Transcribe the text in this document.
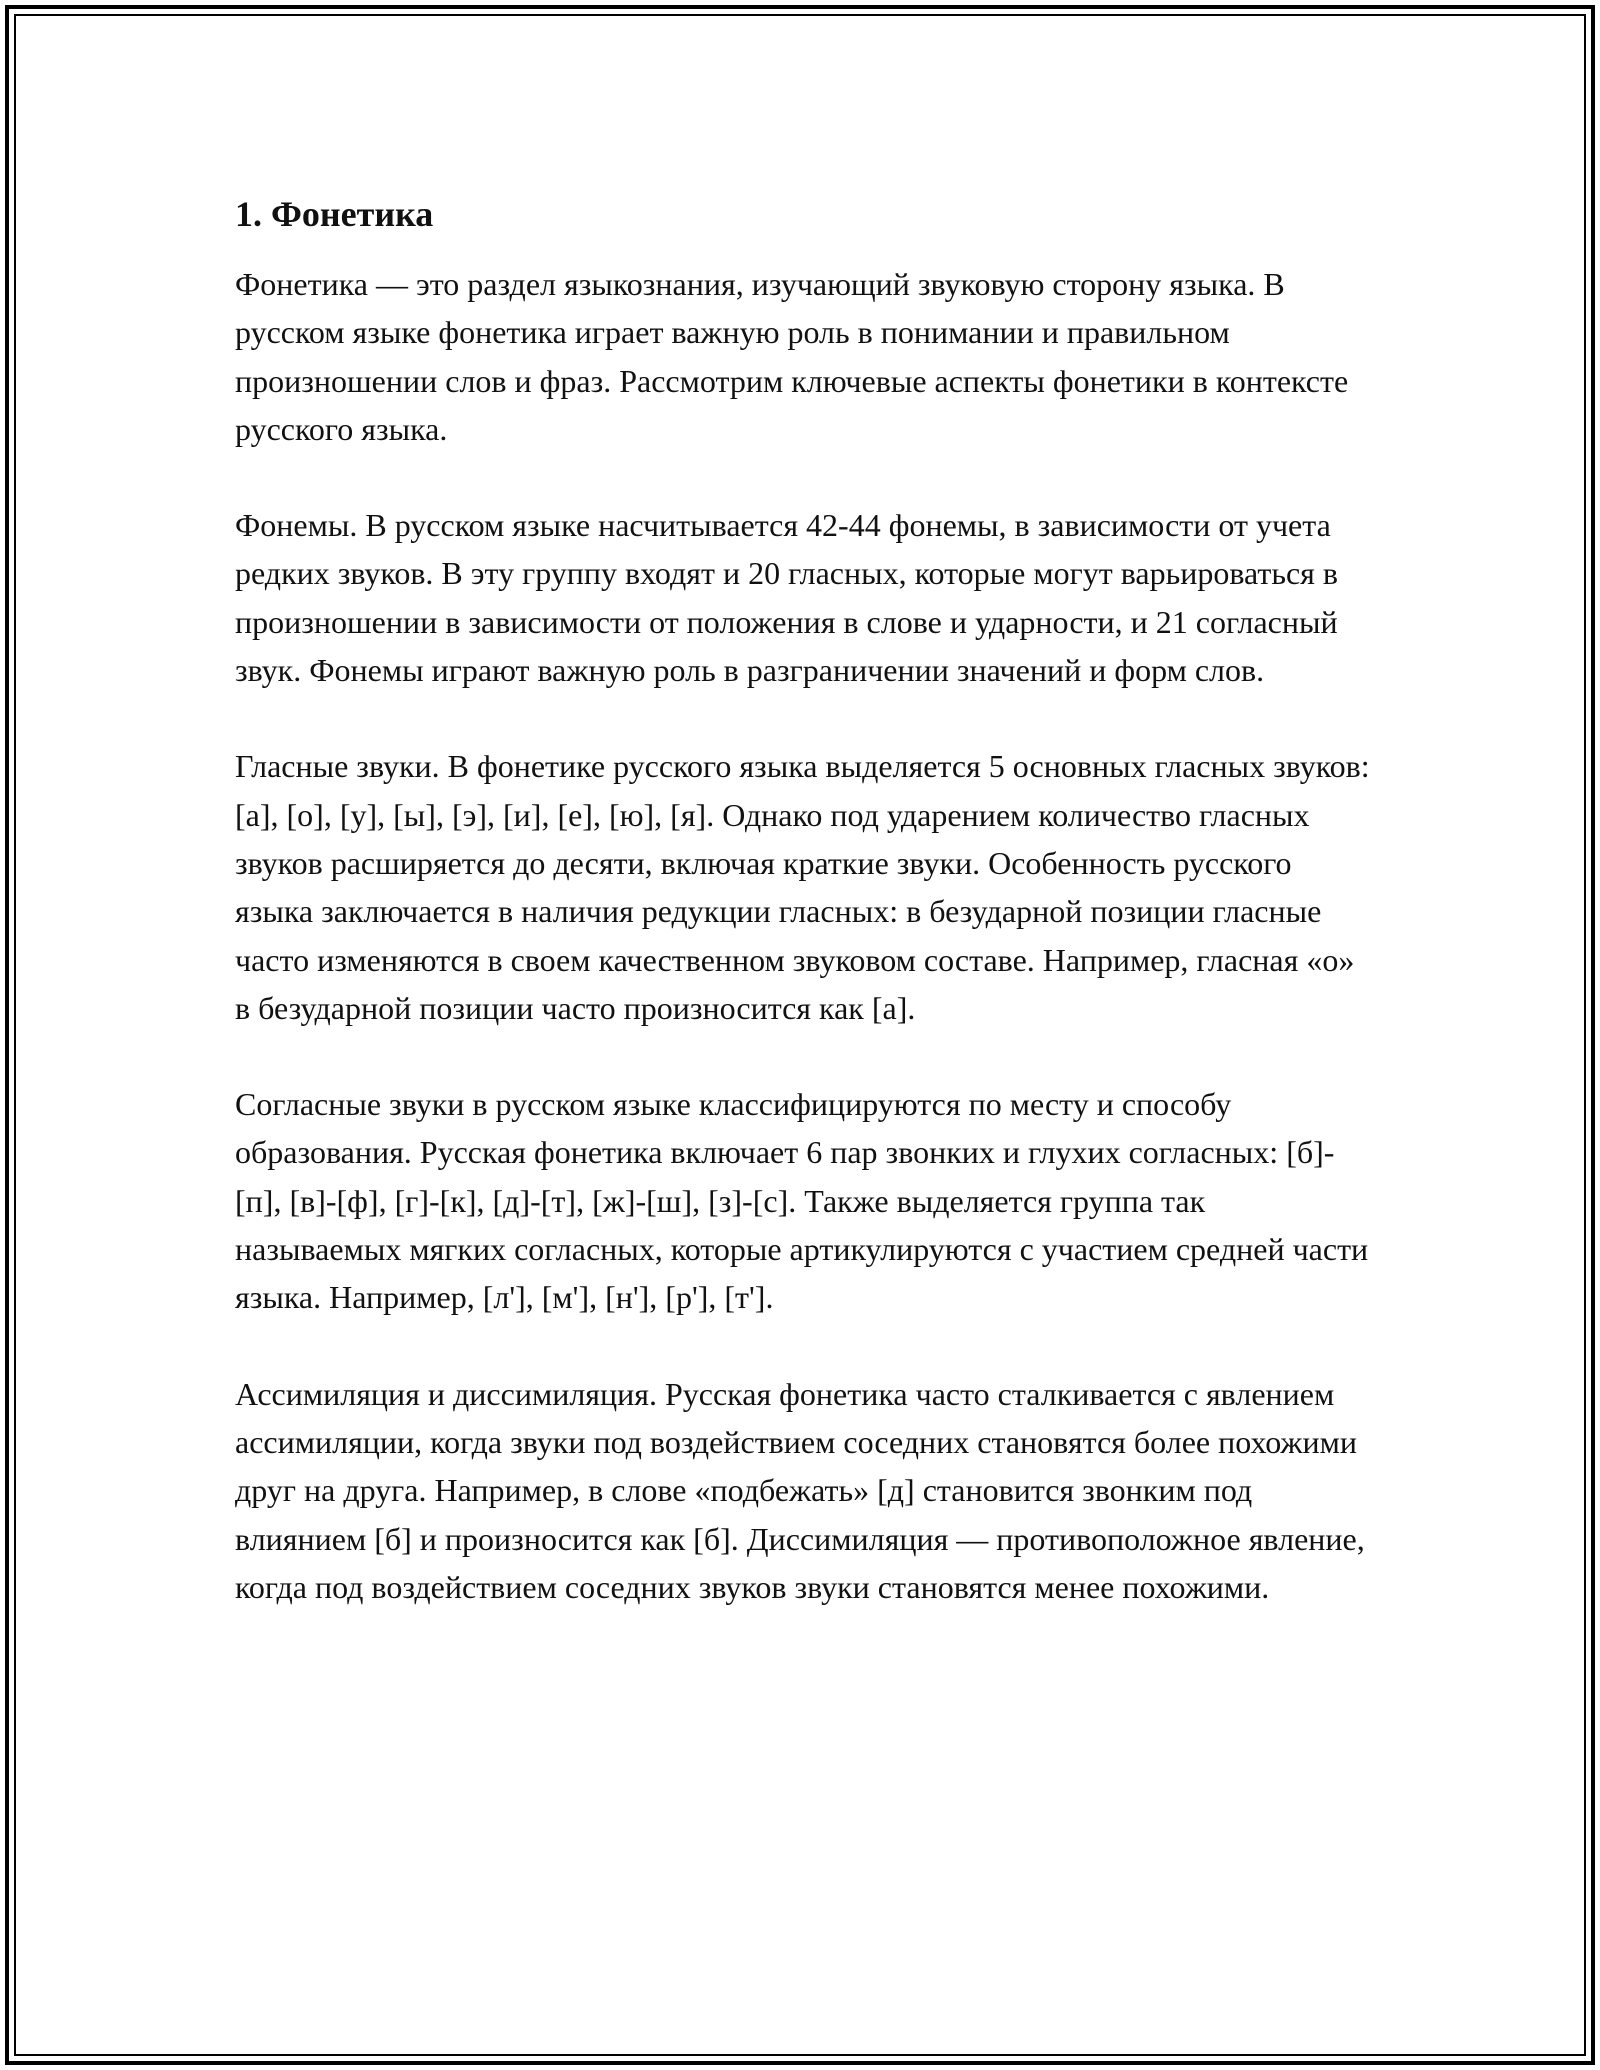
1. Фонетика

Фонетика — это раздел языкознания, изучающий звуковую сторону языка. В русском языке фонетика играет важную роль в понимании и правильном произношении слов и фраз. Рассмотрим ключевые аспекты фонетики в контексте русского языка.

Фонемы. В русском языке насчитывается 42-44 фонемы, в зависимости от учета редких звуков. В эту группу входят и 20 гласных, которые могут варьироваться в произношении в зависимости от положения в слове и ударности, и 21 согласный звук. Фонемы играют важную роль в разграничении значений и форм слов.

Гласные звуки. В фонетике русского языка выделяется 5 основных гласных звуков: [а], [о], [у], [ы], [э], [и], [е], [ю], [я]. Однако под ударением количество гласных звуков расширяется до десяти, включая краткие звуки. Особенность русского языка заключается в наличия редукции гласных: в безударной позиции гласные часто изменяются в своем качественном звуковом составе. Например, гласная «о» в безударной позиции часто произносится как [а].

Согласные звуки в русском языке классифицируются по месту и способу образования. Русская фонетика включает 6 пар звонких и глухих согласных: [б]-[п], [в]-[ф], [г]-[к], [д]-[т], [ж]-[ш], [з]-[с]. Также выделяется группа так называемых мягких согласных, которые артикулируются с участием средней части языка. Например, [л'], [м'], [н'], [р'], [т'].

Ассимиляция и диссимиляция. Русская фонетика часто сталкивается с явлением ассимиляции, когда звуки под воздействием соседних становятся более похожими друг на друга. Например, в слове «подбежать» [д] становится звонким под влиянием [б] и произносится как [б]. Диссимиляция — противоположное явление, когда под воздействием соседних звуков звуки становятся менее похожими.
